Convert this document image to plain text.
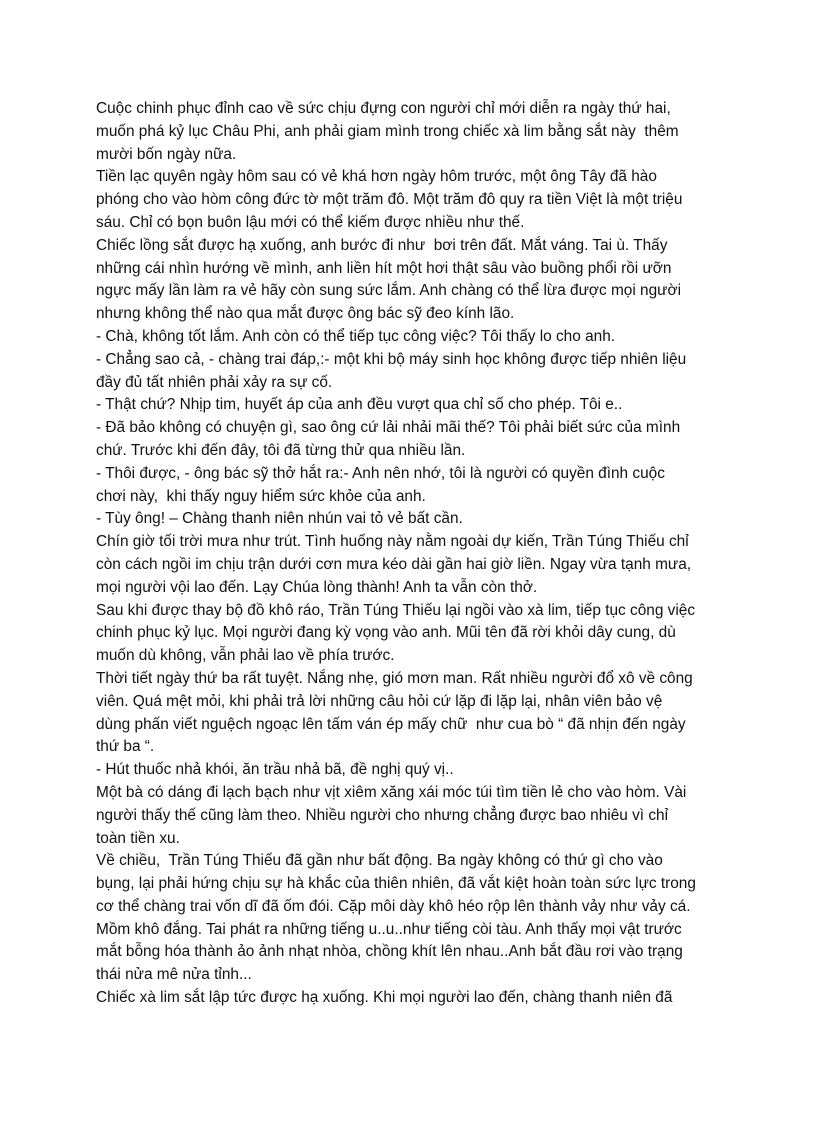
Cuộc chinh phục đỉnh cao về sức chịu đựng con người chỉ mới diễn ra ngày thứ hai,
muốn phá kỷ lục Châu Phi, anh phải giam mình trong chiếc xà lim bằng sắt này  thêm
mười bốn ngày nữa.
Tiền lạc quyên ngày hôm sau có vẻ khá hơn ngày hôm trước, một ông Tây đã hào
phóng cho vào hòm công đức tờ một trăm đô. Một trăm đô quy ra tiền Việt là một triệu
sáu. Chỉ có bọn buôn lậu mới có thể kiếm được nhiều như thế.
Chiếc lồng sắt được hạ xuống, anh bước đi như  bơi trên đất. Mắt váng. Tai ù. Thấy
những cái nhìn hướng về mình, anh liền hít một hơi thật sâu vào buồng phổi rồi ưỡn
ngực mấy lần làm ra vẻ hãy còn sung sức lắm. Anh chàng có thể lừa được mọi người
nhưng không thể nào qua mắt được ông bác sỹ đeo kính lão.
- Chà, không tốt lắm. Anh còn có thể tiếp tục công việc? Tôi thấy lo cho anh.
- Chẳng sao cả, - chàng trai đáp,:- một khi bộ máy sinh học không được tiếp nhiên liệu
đầy đủ tất nhiên phải xảy ra sự cố.
- Thật chứ? Nhịp tim, huyết áp của anh đều vượt qua chỉ số cho phép. Tôi e..
- Đã bảo không có chuyện gì, sao ông cứ lải nhải mãi thế? Tôi phải biết sức của mình
chứ. Trước khi đến đây, tôi đã từng thử qua nhiều lần.
- Thôi được, - ông bác sỹ thở hắt ra:- Anh nên nhớ, tôi là người có quyền đình cuộc
chơi này,  khi thấy nguy hiểm sức khỏe của anh.
- Tùy ông! – Chàng thanh niên nhún vai tỏ vẻ bất cần.
Chín giờ tối trời mưa như trút. Tình huống này nằm ngoài dự kiến, Trần Túng Thiếu chỉ
còn cách ngồi im chịu trận dưới cơn mưa kéo dài gần hai giờ liền. Ngay vừa tạnh mưa,
mọi người vội lao đến. Lạy Chúa lòng thành! Anh ta vẫn còn thở.
Sau khi được thay bộ đồ khô ráo, Trần Túng Thiếu lại ngồi vào xà lim, tiếp tục công việc
chinh phục kỷ lục. Mọi người đang kỳ vọng vào anh. Mũi tên đã rời khỏi dây cung, dù
muốn dù không, vẫn phải lao về phía trước.
Thời tiết ngày thứ ba rất tuyệt. Nắng nhẹ, gió mơn man. Rất nhiều người đổ xô về công
viên. Quá mệt mỏi, khi phải trả lời những câu hỏi cứ lặp đi lặp lại, nhân viên bảo vệ
dùng phấn viết nguệch ngoạc lên tấm ván ép mấy chữ  như cua bò “ đã nhịn đến ngày
thứ ba “.
- Hút thuốc nhả khói, ăn trầu nhả bã, đề nghị quý vị..
Một bà có dáng đi lạch bạch như vịt xiêm xăng xái móc túi tìm tiền lẻ cho vào hòm. Vài
người thấy thế cũng làm theo. Nhiều người cho nhưng chẳng được bao nhiêu vì chỉ
toàn tiền xu.
Về chiều,  Trần Túng Thiếu đã gần như bất động. Ba ngày không có thứ gì cho vào
bụng, lại phải hứng chịu sự hà khắc của thiên nhiên, đã vắt kiệt hoàn toàn sức lực trong
cơ thể chàng trai vốn dĩ đã ốm đói. Cặp môi dày khô héo rộp lên thành vảy như vảy cá.
Mồm khô đắng. Tai phát ra những tiếng u..u..như tiếng còi tàu. Anh thấy mọi vật trước
mắt bỗng hóa thành ảo ảnh nhạt nhòa, chồng khít lên nhau..Anh bắt đầu rơi vào trạng
thái nửa mê nửa tỉnh...
Chiếc xà lim sắt lập tức được hạ xuống. Khi mọi người lao đến, chàng thanh niên đã
